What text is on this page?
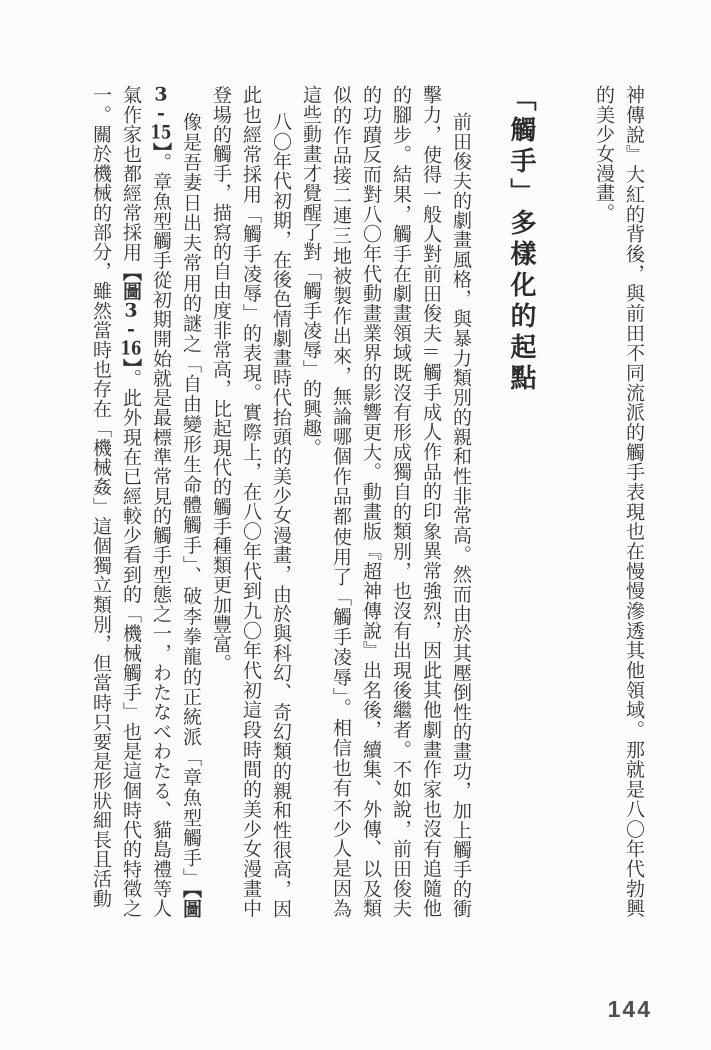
神傳說』大紅的背後，與前田不同流派的觸手表現也在慢慢滲透其他領域。那就是八〇年代勃興的美少女漫畫。

「觸手」多樣化的起點

前田俊夫的劇畫風格，與暴力類別的親和性非常高。然而由於其壓倒性的畫功，加上觸手的衝擊力，使得一般人對前田俊夫＝觸手成人作品的印象異常強烈，因此其他劇畫作家也沒有追隨他的腳步。結果，觸手在劇畫領域既沒有形成獨自的類別，也沒有出現後繼者。不如說，前田俊夫的功蹟反而對八〇年代動畫業界的影響更大。動畫版『超神傳說』出名後，續集、外傳、以及類似的作品接二連三地被製作出來，無論哪個作品都使用了「觸手凌辱」。相信也有不少人是因為這些動畫才覺醒了對「觸手凌辱」的興趣。

八〇年代初期，在後色情劇畫時代抬頭的美少女漫畫，由於與科幻、奇幻類的親和性很高，因此也經常採用「觸手凌辱」的表現。實際上，在八〇年代到九〇年代初這段時間的美少女漫畫中登場的觸手，描寫的自由度非常高，比起現代的觸手種類更加豐富。

像是吾妻日出夫常用的謎之「自由變形生命體觸手」、破李拳龍的正統派「章魚型觸手」【圖3-15】。章魚型觸手從初期開始就是最標準常見的觸手型態之一，わたなべわたる、貓島禮等人氣作家也都經常採用【圖3-16】。此外現在已經較少看到的「機械觸手」也是這個時代的特徵之一。關於機械的部分，雖然當時也存在「機械姦」這個獨立類別，但當時只要是形狀細長且活動

144
